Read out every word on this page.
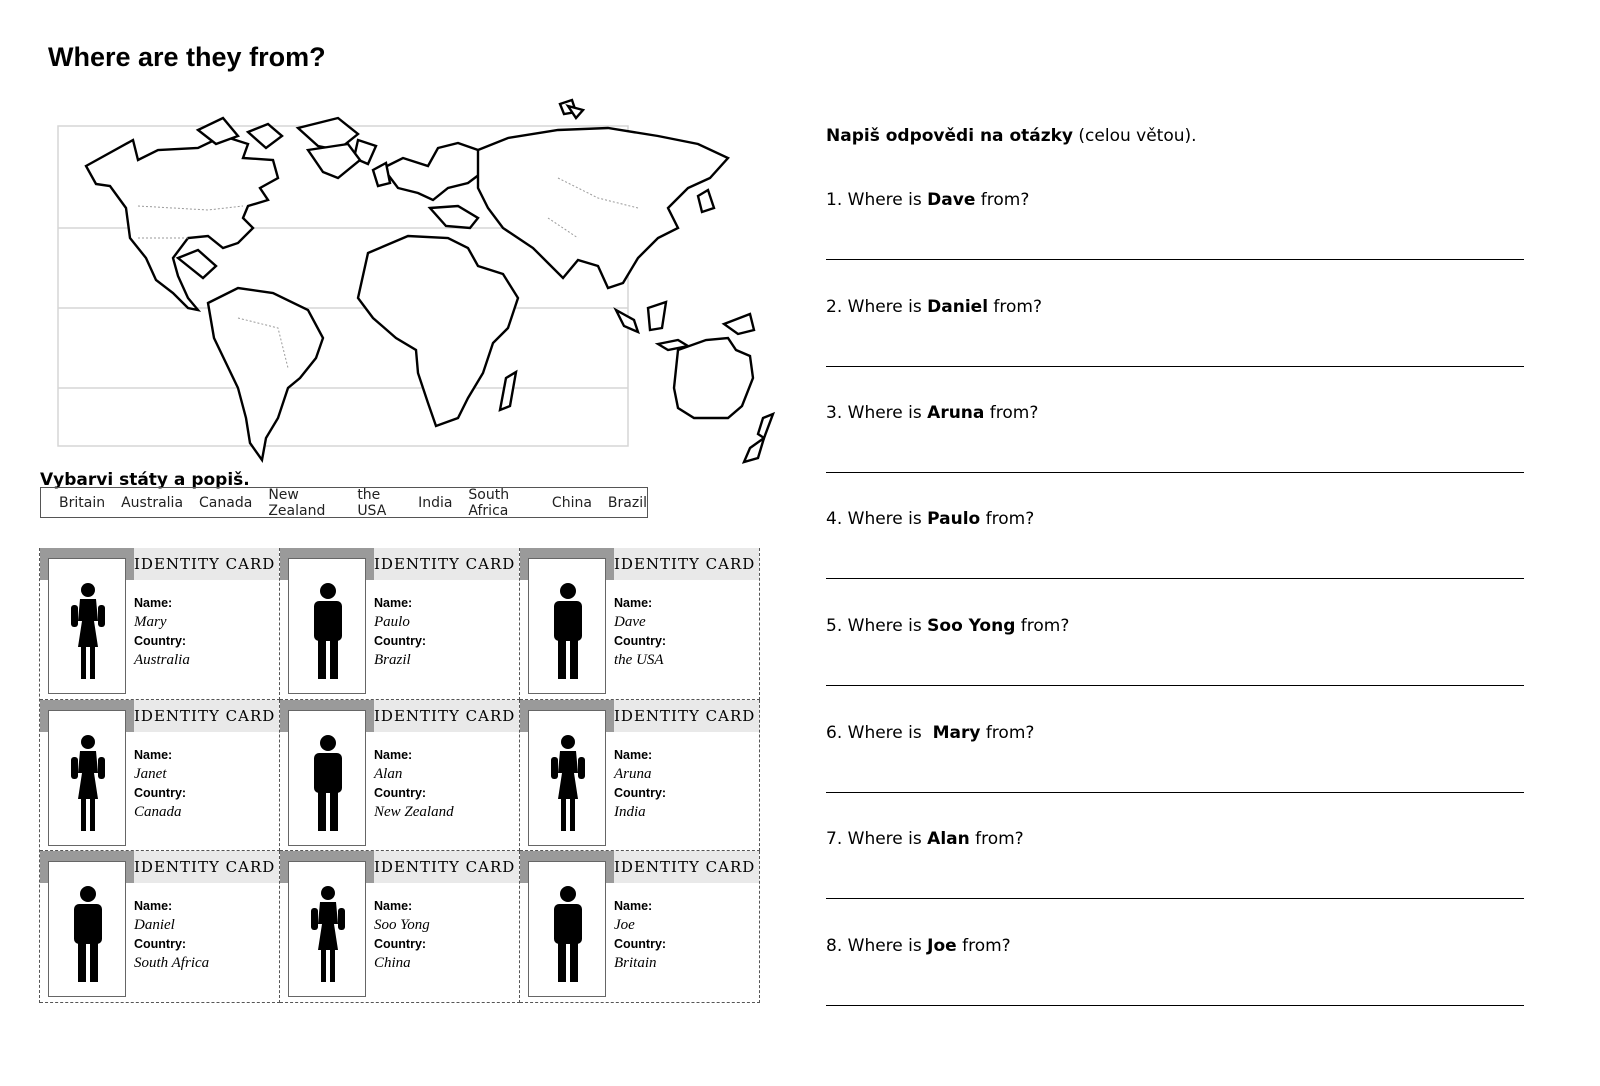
Where are they from?
Vybarvi státy a popiš.
Britain Australia Canada New Zealand
the USA	India South Africa	China Brazil
IDENTITY CARD
Name:
Mary
Country:
Australia
IDENTITY CARD
Name:
Paulo
Country:
Brazil
IDENTITY CARD
Name:
Dave
Country:
the USA
IDENTITY CARD
Name:
Janet
Country:
Canada
IDENTITY CARD
Name:
Alan
Country:
New Zealand
IDENTITY CARD
Name:
Aruna
Country:
India
IDENTITY CARD
Name:
Daniel
Country:
South Africa
IDENTITY CARD
Name:
Soo Yong
Country:
China
IDENTITY CARD
Name:
Joe
Country:
Britain
Napiš odpovědi na otázky (celou větou).
1. Where is Dave from?
2. Where is Daniel from?
3. Where is Aruna from?
4. Where is Paulo from?
5. Where is Soo Yong from?
6. Where is  Mary from?
7. Where is Alan from?
8. Where is Joe from?
